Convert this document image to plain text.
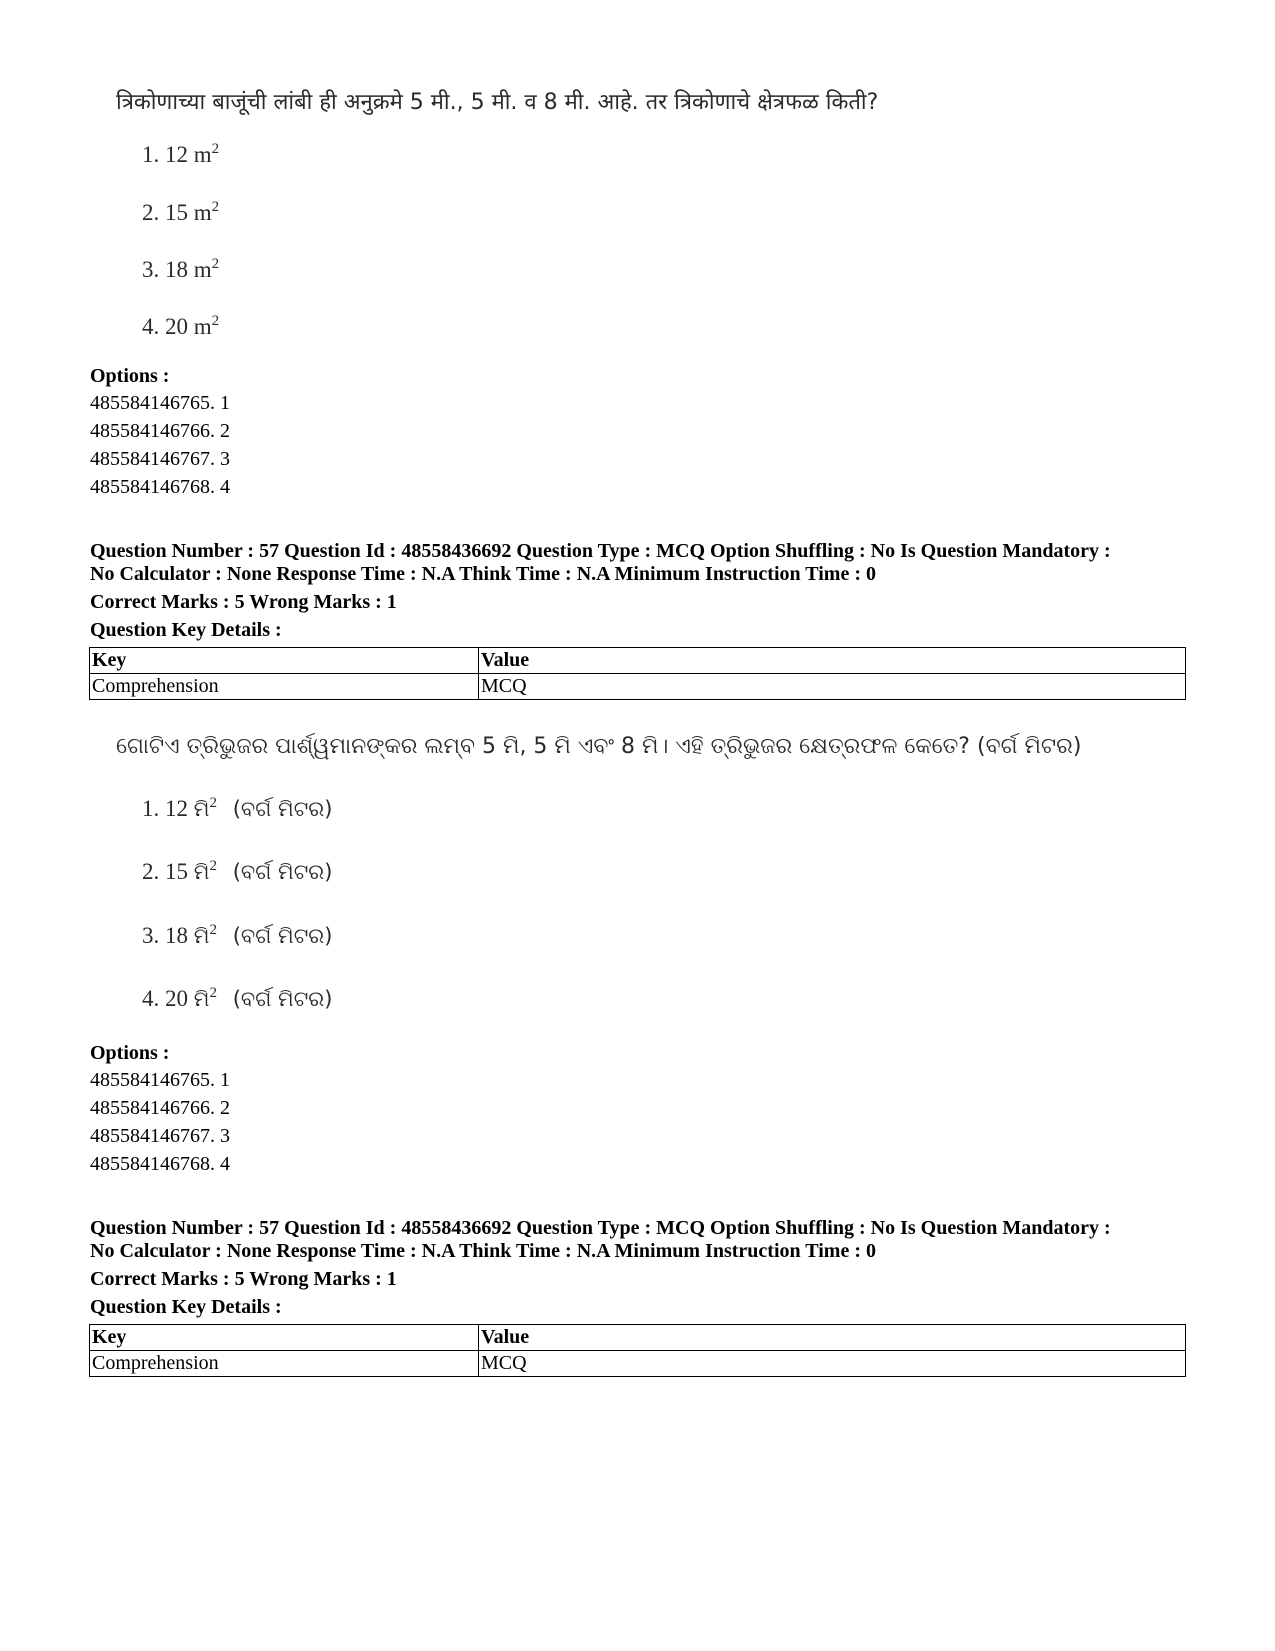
त्रिकोणाच्या बाजूंची लांबी ही अनुक्रमे 5 मी., 5 मी. व 8 मी. आहे. तर त्रिकोणाचे क्षेत्रफळ किती?
1. 12 $m^2$
2. 15 $m^2$
3. 18 $m^2$
4. 20 $m^2$
Options :
485584146765. 1
485584146766. 2
485584146767. 3
485584146768. 4
Question Number : 57 Question Id : 48558436692 Question Type : MCQ Option Shuffling : No Is Question Mandatory :
No Calculator : None Response Time : N.A Think Time : N.A Minimum Instruction Time : 0
Correct Marks : 5 Wrong Marks : 1
Question Key Details :
Key	Value
Comprehension	MCQ
ଗୋଟିଏ ତ୍ରିଭୁଜର ପାର୍ଶ୍ୱମାନଙ୍କର ଲମ୍ବ 5 ମି, 5 ମି ଏବଂ 8 ମି। ଏହି ତ୍ରିଭୁଜର କ୍ଷେତ୍ରଫଳ କେତେ? (ବର୍ଗ ମିଟର)
1. 12 ମି$^2$ (ବର୍ଗ ମିଟର)
2. 15 ମି$^2$ (ବର୍ଗ ମିଟର)
3. 18 ମି$^2$ (ବର୍ଗ ମିଟର)
4. 20 ମି$^2$ (ବର୍ଗ ମିଟର)
Options :
485584146765. 1
485584146766. 2
485584146767. 3
485584146768. 4
Question Number : 57 Question Id : 48558436692 Question Type : MCQ Option Shuffling : No Is Question Mandatory :
No Calculator : None Response Time : N.A Think Time : N.A Minimum Instruction Time : 0
Correct Marks : 5 Wrong Marks : 1
Question Key Details :
Key	Value
Comprehension	MCQ
